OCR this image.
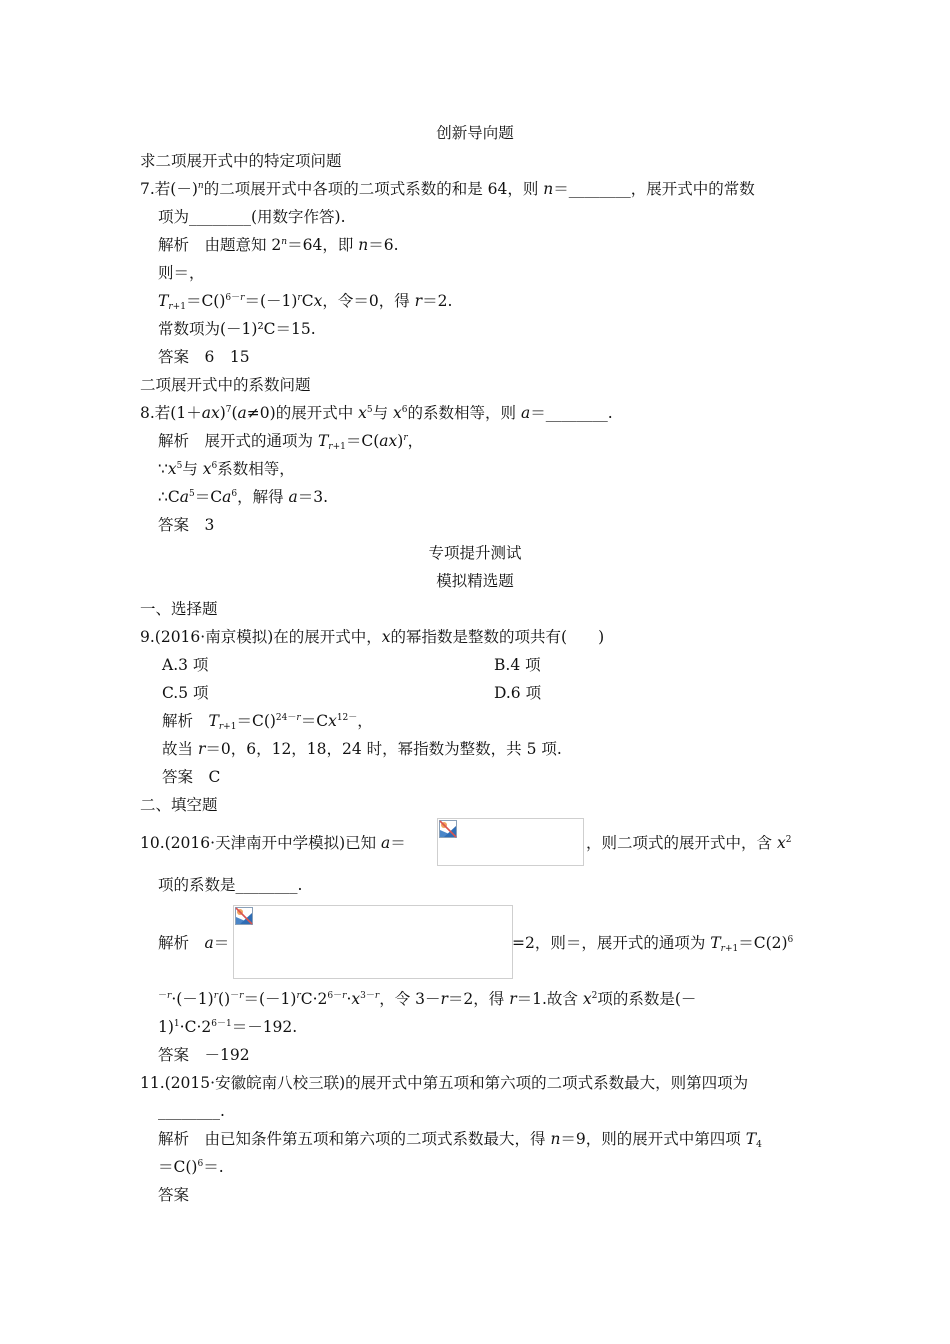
创新导向题
求二项展开式中的特定项问题
7.若$(-)^n$的二项展开式中各项的二项式系数的和是 64，则 n＝________，展开式中的常数
项为________(用数字作答).
解析　由题意知 $2^n=64$，即 n＝6.
则＝，
$T_{r+1}=C()^{6-r}=(-1)^rCx$，令＝0，得 r＝2.
常数项为(－1)²C＝15.
答案　6　15
二项展开式中的系数问题
8.若$(1+ax)^7(a\ne 0)$的展开式中 $x^5$与 $x^6$的系数相等，则 a＝________.
解析　展开式的通项为 $T_{r+1}=C(ax)^r$，
$\because x^5$与 $x^6$系数相等，
$\therefore Ca^5=Ca^6$，解得 a＝3.
答案　3
专项提升测试
模拟精选题
一、选择题
9.(2016·南京模拟)在的展开式中，x的幂指数是整数的项共有(　　)
A.3 项	B.4 项
C.5 项	D.6 项
解析　$T_{r+1}=C()^{24-r}=Cx^{12-}$，
故当 r＝0，6，12，18，24 时，幂指数为整数，共 5 项.
答案　C
二、填空题
10.(2016·天津南开中学模拟)已知 a＝	，则二项式的展开式中，含 $x^2$
项的系数是________.
解析　a＝	=2，则＝，展开式的通项为 $T_{r+1}=C(2)^6$
$^{-r}\cdot(-1)^r()^{-r}=(-1)^rC\cdot 2^{6-r}\cdot x^{3-r}$，令 3－r＝2，得 r＝1.故含 $x^2$项的系数是(－
$1)^1\cdot C\cdot 2^{6-1}=-192$.
答案　－192
11.(2015·安徽皖南八校三联)的展开式中第五项和第六项的二项式系数最大，则第四项为
________.
解析　由已知条件第五项和第六项的二项式系数最大，得 n＝9，则的展开式中第四项 $T_4$
＝C()$^6$＝.
答案
